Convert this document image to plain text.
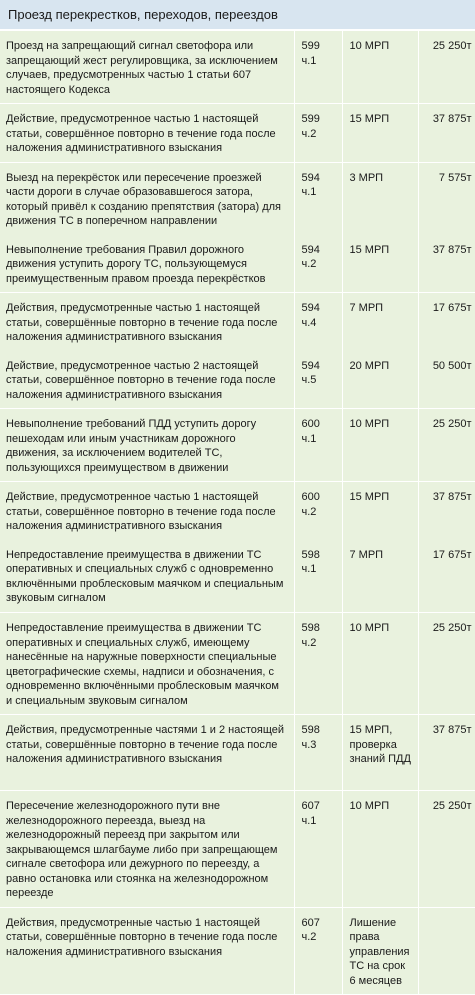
Проезд перекрестков, переходов, переездов
Проезд на запрещающий сигнал светофора или запрещающий жест регулировщика, за исключением случаев, предусмотренных частью 1 статьи 607 настоящего Кодекса	599 ч.1	10 МРП	25 250т
Действие, предусмотренное частью 1 настоящей статьи, совершённое повторно в течение года после наложения административного взыскания	599 ч.2	15 МРП	37 875т
Выезд на перекрёсток или пересечение проезжей части дороги в случае образовавшегося затора, который привёл к созданию препятствия (затора) для движения ТС в поперечном направлении	594 ч.1	3 МРП	7 575т
Невыполнение требования Правил дорожного движения уступить дорогу ТС, пользующемуся преимущественным правом проезда перекрёстков	594 ч.2	15 МРП	37 875т
Действия, предусмотренные частью 1 настоящей статьи, совершённые повторно в течение года после наложения административного взыскания	594 ч.4	7 МРП	17 675т
Действие, предусмотренное частью 2 настоящей статьи, совершённое повторно в течение года после наложения административного взыскания	594 ч.5	20 МРП	50 500т
Невыполнение требований ПДД уступить дорогу пешеходам или иным участникам дорожного движения, за исключением водителей ТС, пользующихся преимуществом в движении	600 ч.1	10 МРП	25 250т
Действие, предусмотренное частью 1 настоящей статьи, совершённое повторно в течение года после наложения административного взыскания	600 ч.2	15 МРП	37 875т
Непредоставление преимущества в движении ТС оперативных и специальных служб с одновременно включёнными проблесковым маячком и специальным звуковым сигналом	598 ч.1	7 МРП	17 675т
Непредоставление преимущества в движении ТС оперативных и специальных служб, имеющему нанесённые на наружные поверхности специальные цветографические схемы, надписи и обозначения, с одновременно включёнными проблесковым маячком и специальным звуковым сигналом	598 ч.2	10 МРП	25 250т
Действия, предусмотренные частями 1 и 2 настоящей статьи, совершённые повторно в течение года после наложения административного взыскания	598 ч.3	15 МРП, проверка знаний ПДД	37 875т
Пересечение железнодорожного пути вне железнодорожного переезда, выезд на железнодорожный переезд при закрытом или закрывающемся шлагбауме либо при запрещающем сигнале светофора или дежурного по переезду, а равно остановка или стоянка на железнодорожном переезде	607 ч.1	10 МРП	25 250т
Действия, предусмотренные частью 1 настоящей статьи, совершённые повторно в течение года после наложения административного взыскания	607 ч.2	Лишение права управления ТС на срок 6 месяцев	
